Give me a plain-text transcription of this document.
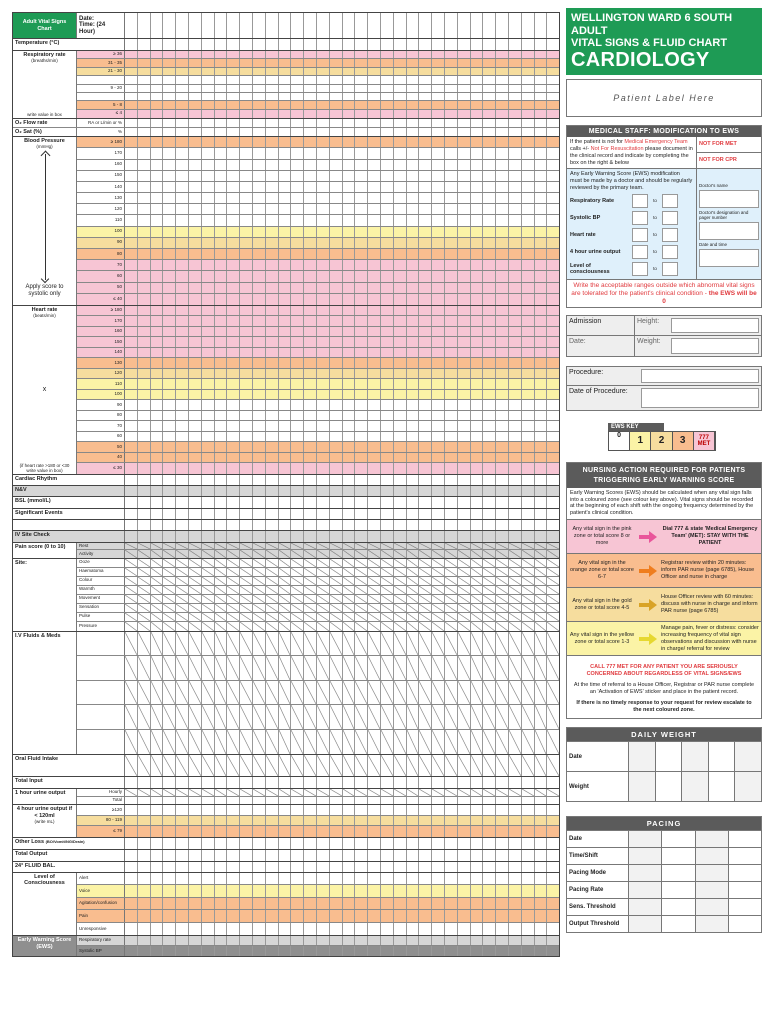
Adult Vital Signs Chart
Date:
Time: (24 Hour)
Temperature (°C)
Respiratory rate
(breaths/min)
write value in box
≥ 36
31 - 35
21 - 30
9 - 20
5 - 8
≤ 4
O₂ Flow rate	RA or L/min or %
O₂ Sat (%)	%
Blood Pressure
(mmHg)
Apply score to systolic only
≥ 180
170
160
150
140
130
120
110
100
90
80
70
60
50
≤ 40
Heart rate
(beats/min)
x
(if heart rate >180 or <30 write value in box)
≥ 180
170
160
150
140
130
120
110
100
90
80
70
60
50
40
≤ 30
Cardiac Rhythm
N&V
BSL (mmol/L)
Significant Events
IV Site Check
Pain score (0 to 10)	Rest
Activity
Site:	Ooze
Haematoma
Colour
Warmth
Movement
Sensation
Pulse
Pressure
I.V Fluids & Meds
Oral Fluid Intake
Total Input
1 hour urine output	Hourly
Total
4 hour urine output if < 120ml
(write mL)
≥120
80 - 119
≤ 79
Other Loss (BO/Vomit/NG/Drain)
Total Output
24° FLUID BAL.
Level of Consciousness
Alert
Voice
Agitation/confusion
Pain
Unresponsive
Early Warning Score (EWS)
Respiratory rate
Systolic BP
WELLINGTON WARD 6 SOUTH ADULT
VITAL SIGNS & FLUID CHART
CARDIOLOGY
Patient Label Here
MEDICAL STAFF: MODIFICATION TO EWS
If the patient is not for Medical Emergency Team calls +/- Not For Resuscitation please document in the clinical record and indicate by completing the box on the right & below
NOT FOR MET
NOT FOR CPR
Any Early Warning Score (EWS) modification must be made by a doctor and should be regularly reviewed by the primary team.
Respiratory Rate	to
Systolic BP	to
Heart rate	to
4 hour urine output	to
Level of consciousness	to
Doctor's name
Doctor's designation and pager number
Date and time
Write the acceptable ranges outside which abnormal vital signs are tolerated for the patient's clinical condition - the EWS will be 0
Admission	Height:
Date:	Weight:
Procedure:
Date of Procedure:
EWS KEY
0	1	2	3	777 MET
NURSING ACTION REQUIRED FOR PATIENTS TRIGGERING EARLY WARNING SCORE
Early Warning Scores (EWS) should be calculated when any vital sign falls into a coloured zone (see colour key above). Vital signs should be recorded at the beginning of each shift with the ongoing frequency determined by the patient's clinical condition.
Any vital sign in the pink zone or total score 8 or more
Dial 777 & state 'Medical Emergency Team' (MET): STAY WITH THE PATIENT
Any vital sign in the orange zone or total score 6-7
Registrar review within 20 minutes: inform PAR nurse (page 6785), House Officer and nurse in charge
Any vital sign in the gold zone or total score 4-5
House Officer review with 60 minutes: discuss with nurse in charge and inform PAR nurse (page 6785)
Any vital sign in the yellow zone or total score 1-3
Manage pain, fever or distress: consider increasing frequency of vital sign observations and discussion with nurse in charge/ referral for review
CALL 777 MET FOR ANY PATIENT YOU ARE SERIOUSLY CONCERNED ABOUT REGARDLESS OF VITAL SIGNS/EWS
At the time of referral to a House Officer, Registrar or PAR nurse complete an 'Activation of EWS' sticker and place in the patient record.
If there is no timely response to your request for review escalate to the next coloured zone.
DAILY WEIGHT
Date
Weight
PACING
Date
Time/Shift
Pacing Mode
Pacing Rate
Sens. Threshold
Output Threshold
